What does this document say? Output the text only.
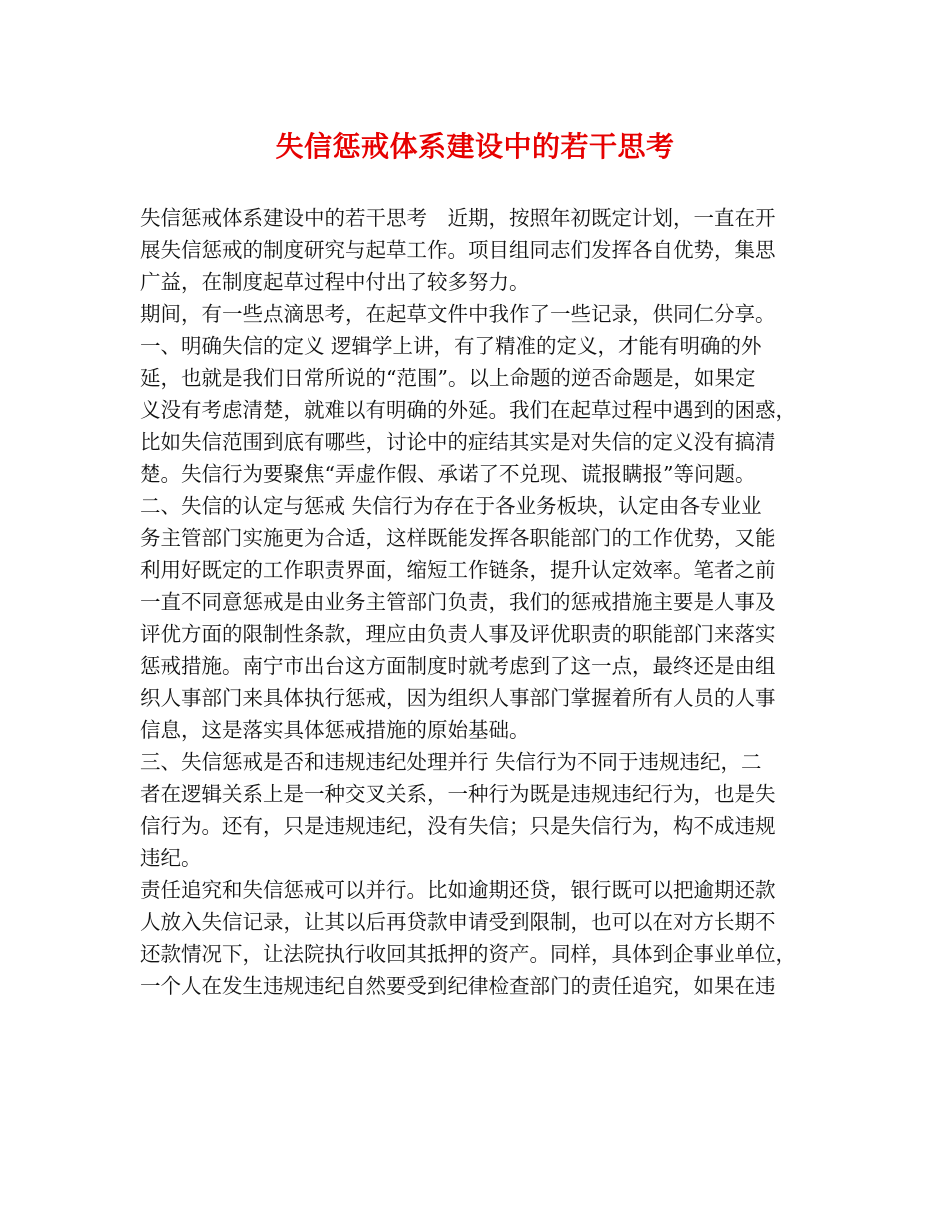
失信惩戒体系建设中的若干思考

失信惩戒体系建设中的若干思考　近期，按照年初既定计划，一直在开

展失信惩戒的制度研究与起草工作。项目组同志们发挥各自优势，集思

广益，在制度起草过程中付出了较多努力。

期间，有一些点滴思考，在起草文件中我作了一些记录，供同仁分享。

一、明确失信的定义 逻辑学上讲，有了精准的定义，才能有明确的外

延，也就是我们日常所说的“范围”。以上命题的逆否命题是，如果定

义没有考虑清楚，就难以有明确的外延。我们在起草过程中遇到的困惑，

比如失信范围到底有哪些，讨论中的症结其实是对失信的定义没有搞清

楚。失信行为要聚焦“弄虚作假、承诺了不兑现、谎报瞒报”等问题。

二、失信的认定与惩戒 失信行为存在于各业务板块，认定由各专业业

务主管部门实施更为合适，这样既能发挥各职能部门的工作优势，又能

利用好既定的工作职责界面，缩短工作链条，提升认定效率。笔者之前

一直不同意惩戒是由业务主管部门负责，我们的惩戒措施主要是人事及

评优方面的限制性条款，理应由负责人事及评优职责的职能部门来落实

惩戒措施。南宁市出台这方面制度时就考虑到了这一点，最终还是由组

织人事部门来具体执行惩戒，因为组织人事部门掌握着所有人员的人事

信息，这是落实具体惩戒措施的原始基础。

三、失信惩戒是否和违规违纪处理并行 失信行为不同于违规违纪，二

者在逻辑关系上是一种交叉关系，一种行为既是违规违纪行为，也是失

信行为。还有，只是违规违纪，没有失信；只是失信行为，构不成违规

违纪。

责任追究和失信惩戒可以并行。比如逾期还贷，银行既可以把逾期还款

人放入失信记录，让其以后再贷款申请受到限制，也可以在对方长期不

还款情况下，让法院执行收回其抵押的资产。同样，具体到企事业单位，

一个人在发生违规违纪自然要受到纪律检查部门的责任追究，如果在违
